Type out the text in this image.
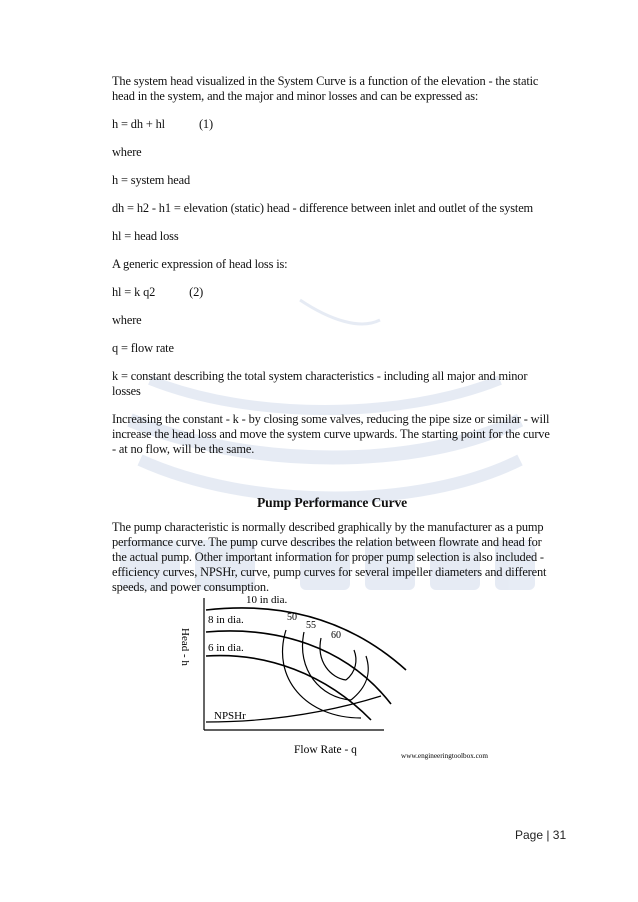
The system head visualized in the System Curve is a function of the elevation - the static head in the system, and the major and minor losses and can be expressed as:

h = dh + hl	(1)

where

h = system head

dh = h2 - h1 = elevation (static) head - difference between inlet and outlet of the system

hl = head loss

A generic expression of head loss is:

hl = k q2	(2)

where

q = flow rate

k = constant describing the total system characteristics - including all major and minor losses

Increasing the constant - k - by closing some valves, reducing the pipe size or similar - will increase the head loss and move the system curve upwards. The starting point for the curve - at no flow, will be the same.

Pump Performance Curve

The pump characteristic is normally described graphically by the manufacturer as a pump performance curve. The pump curve describes the relation between flowrate and head for the actual pump. Other important information for proper pump selection is also included - efficiency curves, NPSHr, curve, pump curves for several impeller diameters and different speeds, and power consumption.

Head - h
10 in dia.
8 in dia.
6 in dia.
50
55
60
NPSHr
Flow Rate - q	www.engineeringtoolbox.com
Page | 31
